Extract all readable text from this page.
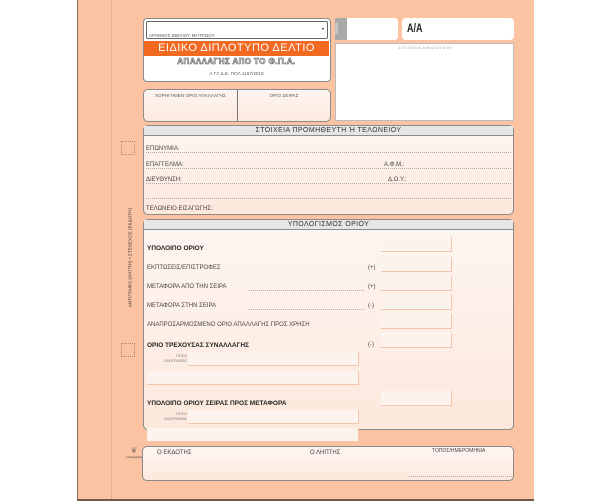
ΑΝΤΙΓΡΑΦΟ (ΛΗΠΤΗ) • ΣΤΕΛΕΧΟΣ (ΕΚΔΟΤΗ)
ΑΡΙΘΜΟΣ ΒΙΒΛΙΟΥ ΜΗΤΡΩΟΥ
•
ΕΙΔΙΚΟ ΔΙΠΛΟΤΥΠΟ ΔΕΛΤΙΟ
ΑΠΑΛΛΑΓΗΣ ΑΠΟ ΤΟ Φ.Π.Α.
Α.Γ.Γ.Δ.Ε. ΠΟΛ 1167/2015
ΣΕΙΡΑ	Α/Α
ΣΤΟΙΧΕΙΑ ΔΙΚΑΙΟΥΧΟΥ
ΧΟΡΗΓΗΘΕΝ ΟΡΙΟ ΑΠΑΛΛΑΓΗΣ	ΟΡΙΟ ΣΕΙΡΑΣ
ΣΤΟΙΧΕΙΑ ΠΡΟΜΗΘΕΥΤΗ Ή ΤΕΛΩΝΕΙΟΥ
ΕΠΩΝΥΜΙΑ:
ΕΠΑΓΓΕΛΜΑ:	Α.Φ.Μ.:
ΔΙΕΥΘΥΝΣΗ:	Δ.Ο.Υ.:
ΤΕΛΩΝΕΙΟ ΕΙΣΑΓΩΓΗΣ:
ΥΠΟΛΟΓΙΣΜΟΣ ΟΡΙΟΥ
ΥΠΟΛΟΙΠΟ ΟΡΙΟΥ
ΕΚΠΤΩΣΕΙΣ/ΕΠΙΣΤΡΟΦΕΣ	(+)
ΜΕΤΑΦΟΡΑ ΑΠΟ ΤΗΝ ΣΕΙΡΑ	(+)
ΜΕΤΑΦΟΡΑ ΣΤΗΝ ΣΕΙΡΑ	(-)
ΑΝΑΠΡΟΣΑΡΜΟΣΜΕΝΟ ΟΡΙΟ ΑΠΑΛΛΑΓΗΣ ΠΡΟΣ ΧΡΗΣΗ
ΟΡΙΟ ΤΡΕΧΟΥΣΑΣ ΣΥΝΑΛΛΑΓΗΣ	(-)
ΠΟΣΟ ΟΛΟΓΡΑΦΩΣ
ΥΠΟΛΟΙΠΟ ΟΡΙΟΥ ΣΕΙΡΑΣ ΠΡΟΣ ΜΕΤΑΦΟΡΑ
ΠΟΣΟ ΟΛΟΓΡΑΦΩΣ
❦
τυπογράφος
Ο ΕΚΔΟΤΗΣ	Ο ΛΗΠΤΗΣ	ΤΟΠΟΣ/ΗΜΕΡΟΜΗΝΙΑ
